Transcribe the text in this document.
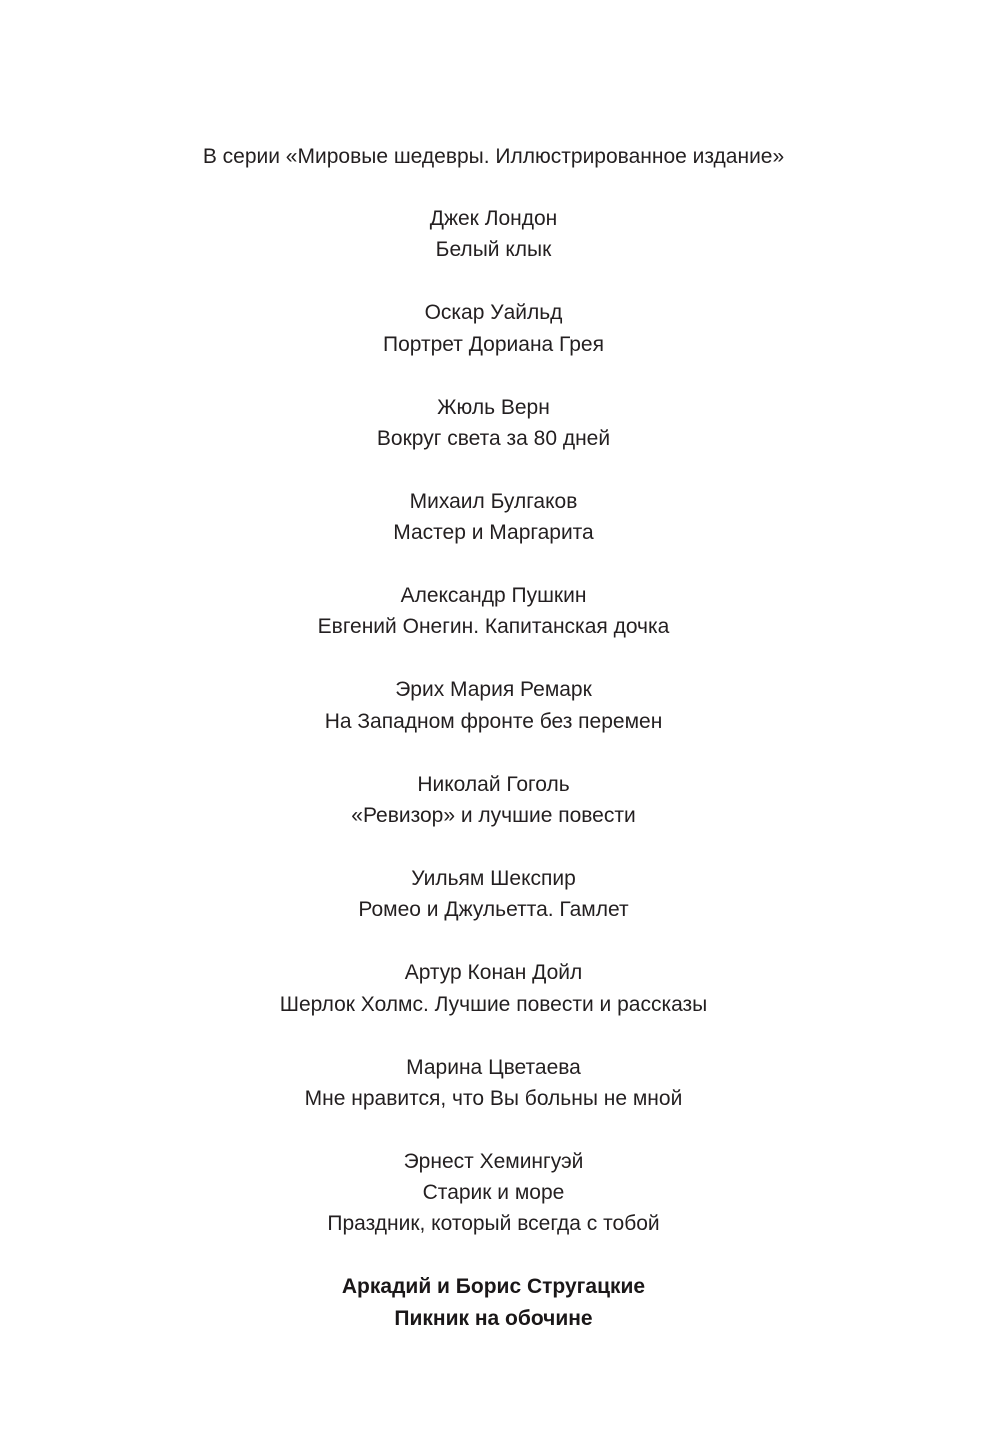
В серии «Мировые шедевры. Иллюстрированное издание»
Джек Лондон
Белый клык
Оскар Уайльд
Портрет Дориана Грея
Жюль Верн
Вокруг света за 80 дней
Михаил Булгаков
Мастер и Маргарита
Александр Пушкин
Евгений Онегин. Капитанская дочка
Эрих Мария Ремарк
На Западном фронте без перемен
Николай Гоголь
«Ревизор» и лучшие повести
Уильям Шекспир
Ромео и Джульетта. Гамлет
Артур Конан Дойл
Шерлок Холмс. Лучшие повести и рассказы
Марина Цветаева
Мне нравится, что Вы больны не мной
Эрнест Хемингуэй
Старик и море
Праздник, который всегда с тобой
Аркадий и Борис Стругацкие
Пикник на обочине
